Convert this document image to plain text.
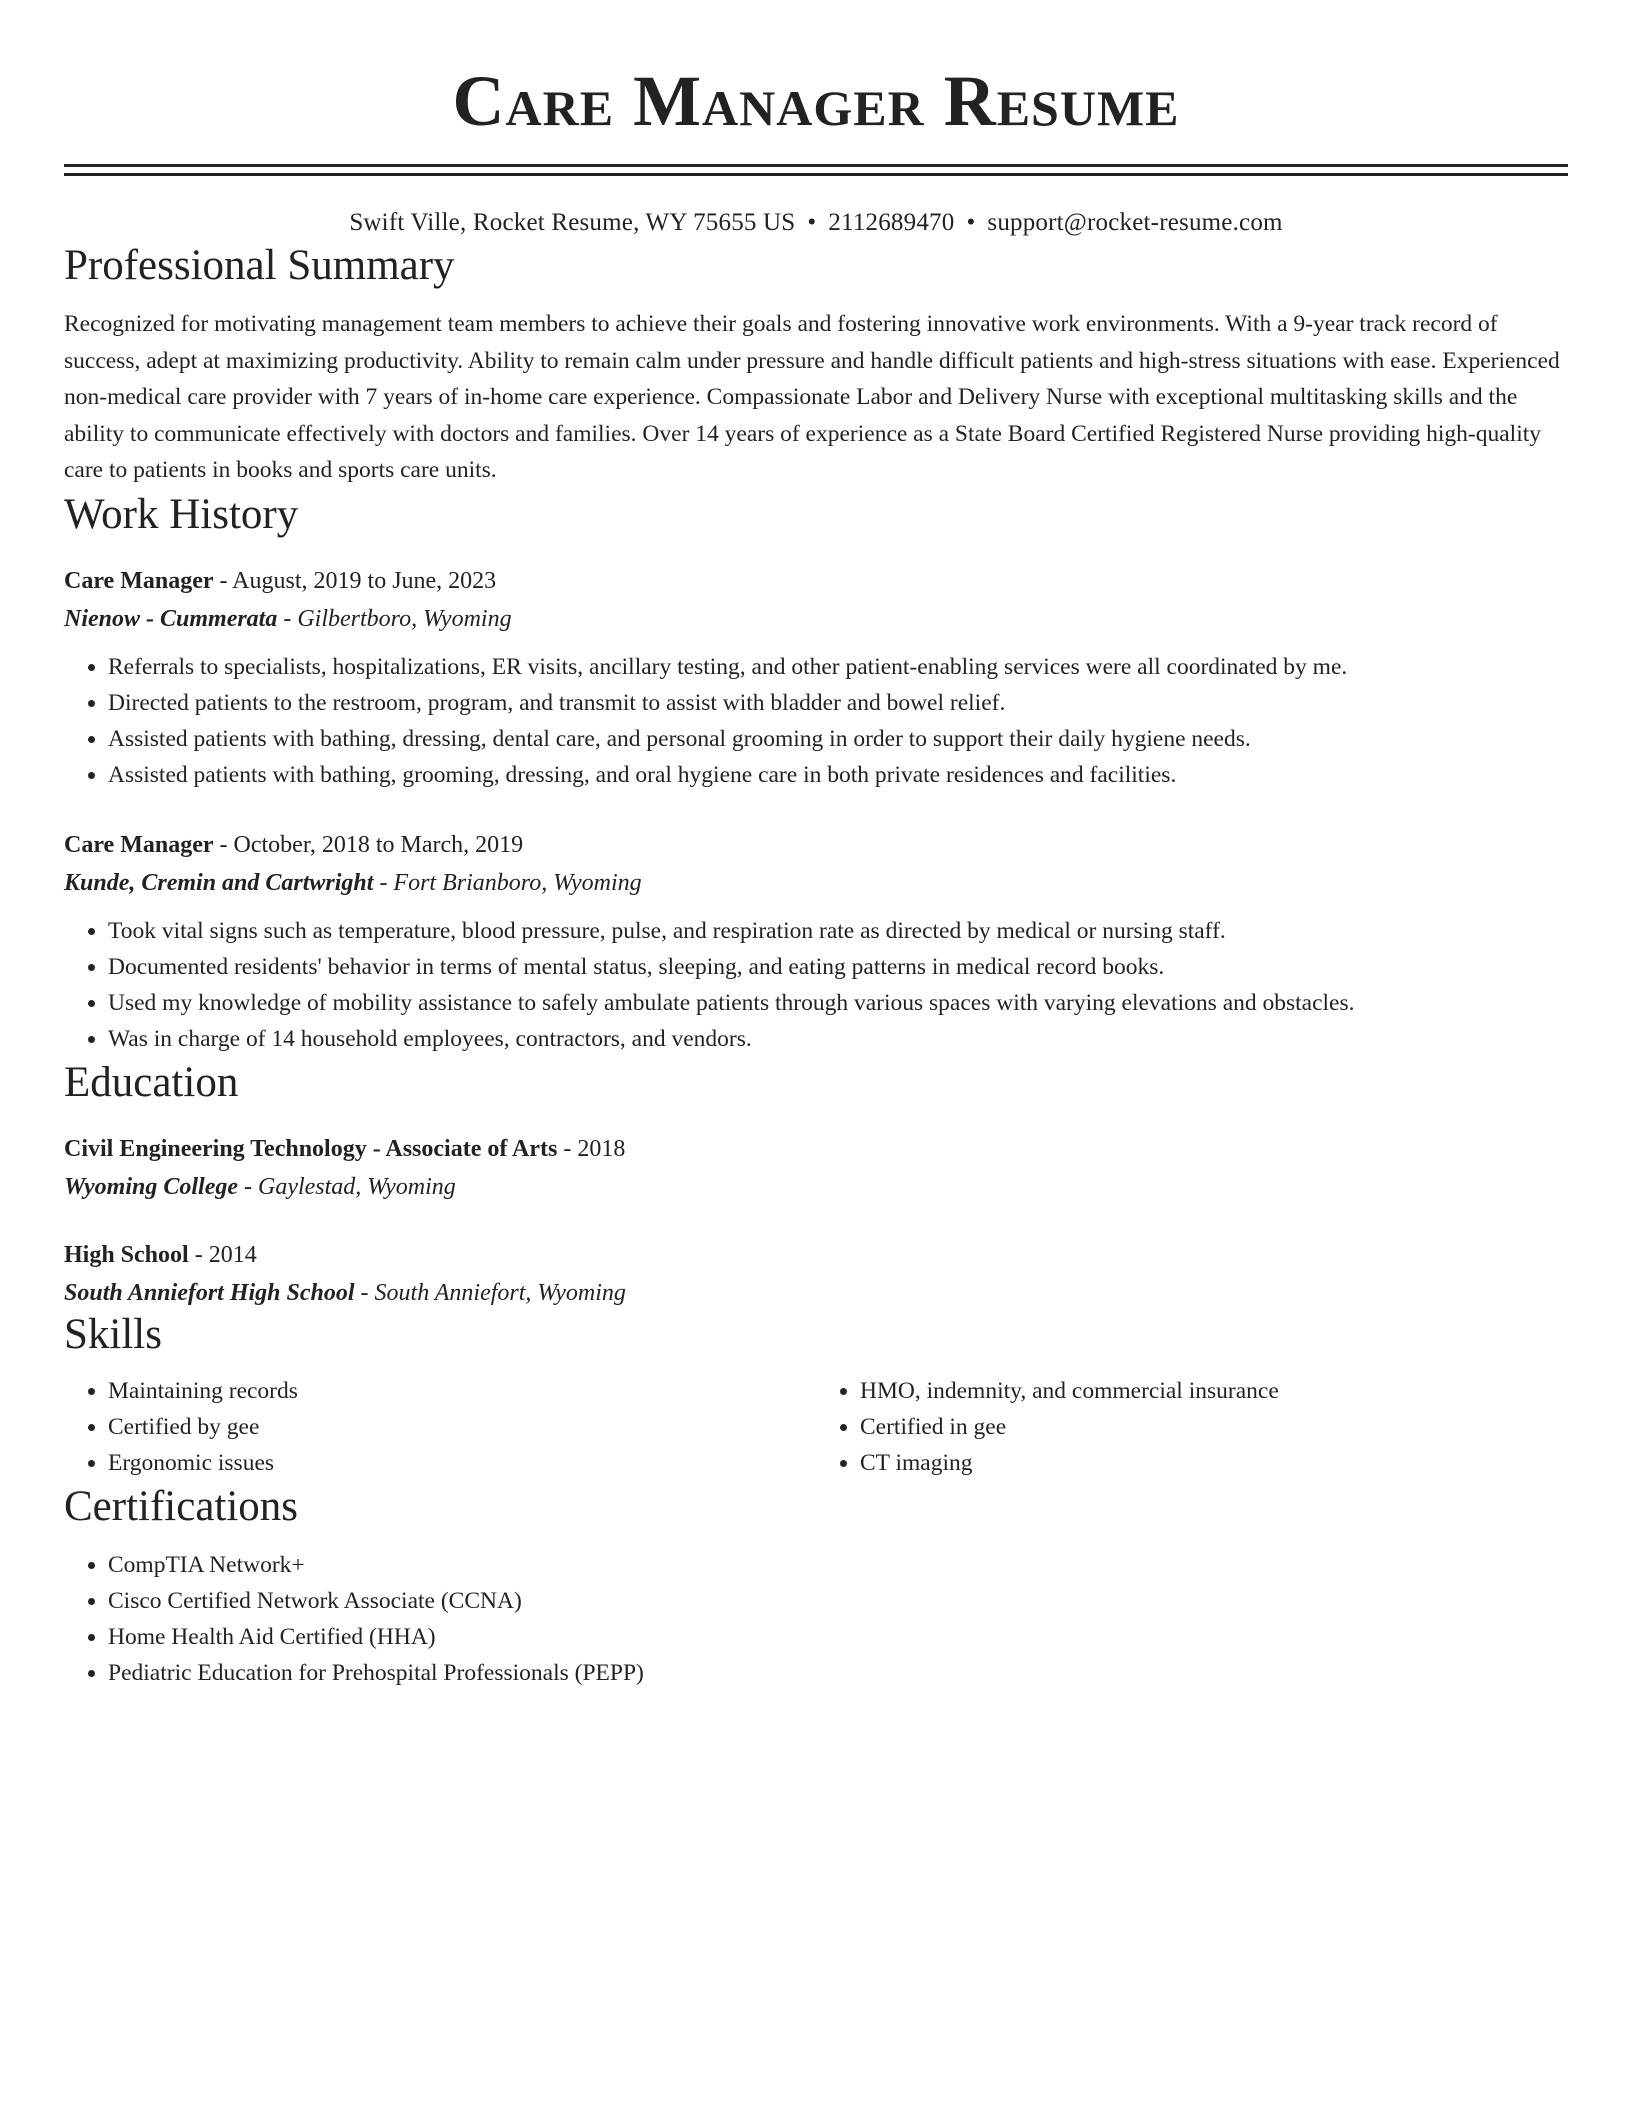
Care Manager Resume
Swift Ville, Rocket Resume, WY 75655 US • 2112689470 • support@rocket-resume.com
Professional Summary

Recognized for motivating management team members to achieve their goals and fostering innovative work environments. With a 9-year track record of success, adept at maximizing productivity. Ability to remain calm under pressure and handle difficult patients and high-stress situations with ease. Experienced non-medical care provider with 7 years of in-home care experience. Compassionate Labor and Delivery Nurse with exceptional multitasking skills and the ability to communicate effectively with doctors and families. Over 14 years of experience as a State Board Certified Registered Nurse providing high-quality care to patients in books and sports care units.

Work History
Care Manager - August, 2019 to June, 2023
Nienow - Cummerata - Gilbertboro, Wyoming
• Referrals to specialists, hospitalizations, ER visits, ancillary testing, and other patient-enabling services were all coordinated by me.
• Directed patients to the restroom, program, and transmit to assist with bladder and bowel relief.
• Assisted patients with bathing, dressing, dental care, and personal grooming in order to support their daily hygiene needs.
• Assisted patients with bathing, grooming, dressing, and oral hygiene care in both private residences and facilities.
Care Manager - October, 2018 to March, 2019
Kunde, Cremin and Cartwright - Fort Brianboro, Wyoming
• Took vital signs such as temperature, blood pressure, pulse, and respiration rate as directed by medical or nursing staff.
• Documented residents' behavior in terms of mental status, sleeping, and eating patterns in medical record books.
• Used my knowledge of mobility assistance to safely ambulate patients through various spaces with varying elevations and obstacles.
• Was in charge of 14 household employees, contractors, and vendors.
Education
Civil Engineering Technology - Associate of Arts - 2018
Wyoming College - Gaylestad, Wyoming
High School - 2014
South Anniefort High School - South Anniefort, Wyoming
Skills
• Maintaining records
• Certified by gee
• Ergonomic issues
• HMO, indemnity, and commercial insurance
• Certified in gee
• CT imaging
Certifications
• CompTIA Network+
• Cisco Certified Network Associate (CCNA)
• Home Health Aid Certified (HHA)
• Pediatric Education for Prehospital Professionals (PEPP)
